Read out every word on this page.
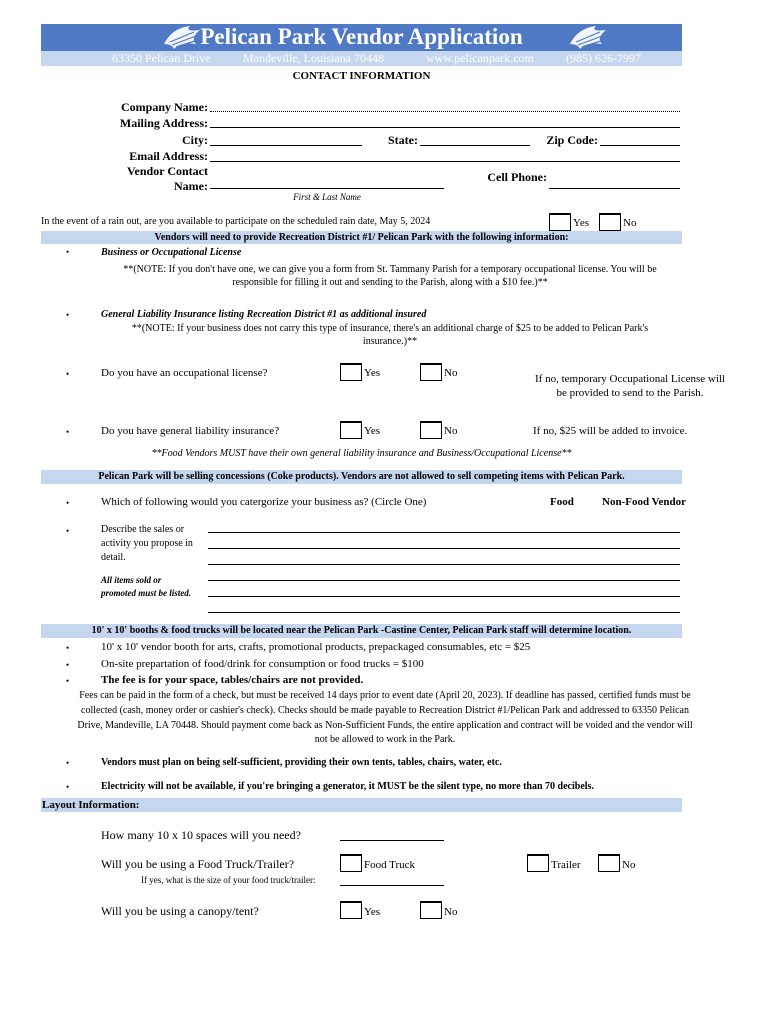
Pelican Park Vendor Application
63350 Pelican Drive	Mandeville, Louisiana 70448	www.pelicanpark.com	(985) 626-7997
CONTACT INFORMATION
Company Name:
Mailing Address:
City:	State:	Zip Code:
Email Address:
Vendor Contact
Name:
First & Last Name
Cell Phone:
In the event of a rain out, are you available to participate on the scheduled rain date, May 5, 2024	Yes	No
Vendors will need to provide Recreation District #1/ Pelican Park with the following information:
•	Business or Occupational License
**(NOTE: If you don't have one, we can give you a form from St. Tammany Parish for a temporary occupational license. You will be
responsible for filling it out and sending to the Parish, along with a $10 fee.)**
•	General Liability Insurance listing Recreation District #1 as additional insured
**(NOTE: If your business does not carry this type of insurance, there's an additional charge of $25 to be added to Pelican Park's
insurance.)**
•	Do you have an occupational license?	Yes	No	If no, temporary Occupational License will
be provided to send to the Parish.
•	Do you have general liability insurance?	Yes	No	If no, $25 will be added to invoice.
**Food Vendors MUST have their own general liability insurance and Business/Occupational License**
Pelican Park will be selling concessions (Coke products). Vendors are not allowed to sell competing items with Pelican Park.
•	Which of following would you catergorize your business as? (Circle One)	Food	Non-Food Vendor
•	Describe the sales or
activity you propose in
detail.
All items sold or
promoted must be listed.
10' x 10' booths & food trucks will be located near the Pelican Park -Castine Center, Pelican Park staff will determine location.
•	10' x 10' vendor booth for arts, crafts, promotional products, prepackaged consumables, etc = $25
•	On-site prepartation of food/drink for consumption or food trucks = $100
•	The fee is for your space, tables/chairs are not provided.
Fees can be paid in the form of a check, but must be received 14 days prior to event date (April 20, 2023). If deadline has passed, certified funds must be
collected (cash, money order or cashier's check). Checks should be made payable to Recreation District #1/Pelican Park and addressed to 63350 Pelican
Drive, Mandeville, LA 70448. Should payment come back as Non-Sufficient Funds, the entire application and contract will be voided and the vendor will
not be allowed to work in the Park.
•	Vendors must plan on being self-sufficient, providing their own tents, tables, chairs, water, etc.
•	Electricity will not be available, if you're bringing a generator, it MUST be the silent type, no more than 70 decibels.
Layout Information:
How many 10 x 10 spaces will you need?
Will you be using a Food Truck/Trailer?	Food Truck	Trailer	No
If yes, what is the size of your food truck/trailer:
Will you be using a canopy/tent?	Yes	No
